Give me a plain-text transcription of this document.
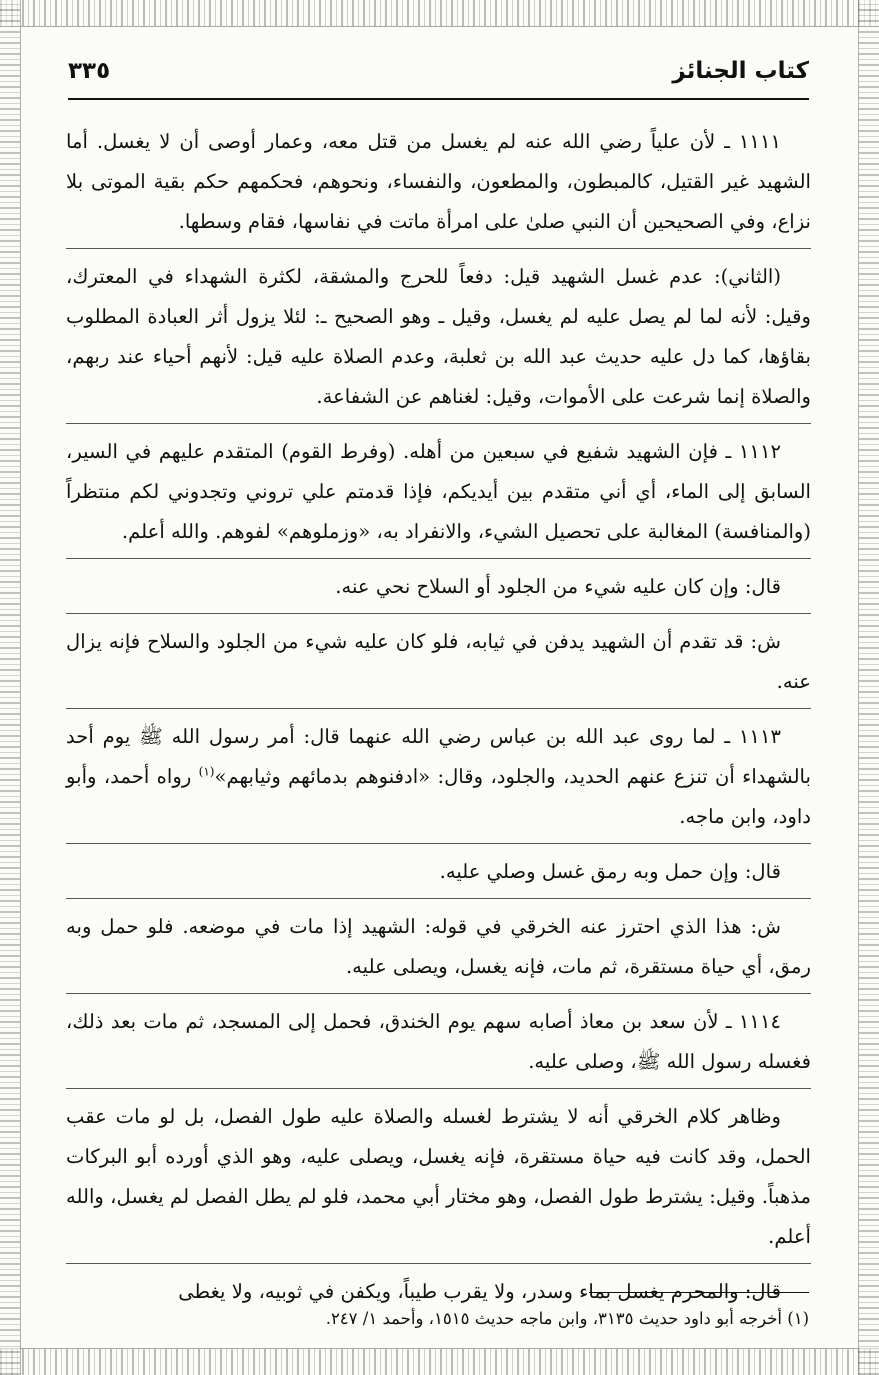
كتاب الجنائز
٣٣٥

١١١١ ـ لأن علياً رضي الله عنه لم يغسل من قتل معه، وعمار أوصى أن لا يغسل. أما الشهيد غير القتيل، كالمبطون، والمطعون، والنفساء، ونحوهم، فحكمهم حكم بقية الموتى بلا نزاع، وفي الصحيحين أن النبي صلىٰ على امرأة ماتت في نفاسها، فقام وسطها.

(الثاني): عدم غسل الشهيد قيل: دفعاً للحرج والمشقة، لكثرة الشهداء في المعترك، وقيل: لأنه لما لم يصل عليه لم يغسل، وقيل ـ وهو الصحيح ـ: لئلا يزول أثر العبادة المطلوب بقاؤها، كما دل عليه حديث عبد الله بن ثعلبة، وعدم الصلاة عليه قيل: لأنهم أحياء عند ربهم، والصلاة إنما شرعت على الأموات، وقيل: لغناهم عن الشفاعة.

١١١٢ ـ فإن الشهيد شفيع في سبعين من أهله. (وفرط القوم) المتقدم عليهم في السير، السابق إلى الماء، أي أني متقدم بين أيديكم، فإذا قدمتم علي تروني وتجدوني لكم منتظراً (والمنافسة) المغالبة على تحصيل الشيء، والانفراد به، «وزملوهم» لفوهم. والله أعلم.

قال: وإن كان عليه شيء من الجلود أو السلاح نحي عنه.

ش: قد تقدم أن الشهيد يدفن في ثيابه، فلو كان عليه شيء من الجلود والسلاح فإنه يزال عنه.

١١١٣ ـ لما روى عبد الله بن عباس رضي الله عنهما قال: أمر رسول الله ﷺ يوم أحد بالشهداء أن تنزع عنهم الحديد، والجلود، وقال: «ادفنوهم بدمائهم وثيابهم»$^{(١)}$ رواه أحمد، وأبو داود، وابن ماجه.

قال: وإن حمل وبه رمق غسل وصلي عليه.

ش: هذا الذي احترز عنه الخرقي في قوله: الشهيد إذا مات في موضعه. فلو حمل وبه رمق، أي حياة مستقرة، ثم مات، فإنه يغسل، ويصلى عليه.

١١١٤ ـ لأن سعد بن معاذ أصابه سهم يوم الخندق، فحمل إلى المسجد، ثم مات بعد ذلك، فغسله رسول الله ﷺ، وصلى عليه.

وظاهر كلام الخرقي أنه لا يشترط لغسله والصلاة عليه طول الفصل، بل لو مات عقب الحمل، وقد كانت فيه حياة مستقرة، فإنه يغسل، ويصلى عليه، وهو الذي أورده أبو البركات مذهباً. وقيل: يشترط طول الفصل، وهو مختار أبي محمد، فلو لم يطل الفصل لم يغسل، والله أعلم.

قال: والمحرم يغسل بماء وسدر، ولا يقرب طيباً، ويكفن في ثوبيه، ولا يغطى

(١) أخرجه أبو داود حديث ٣١٣٥، وابن ماجه حديث ١٥١٥، وأحمد ١/ ٢٤٧.
